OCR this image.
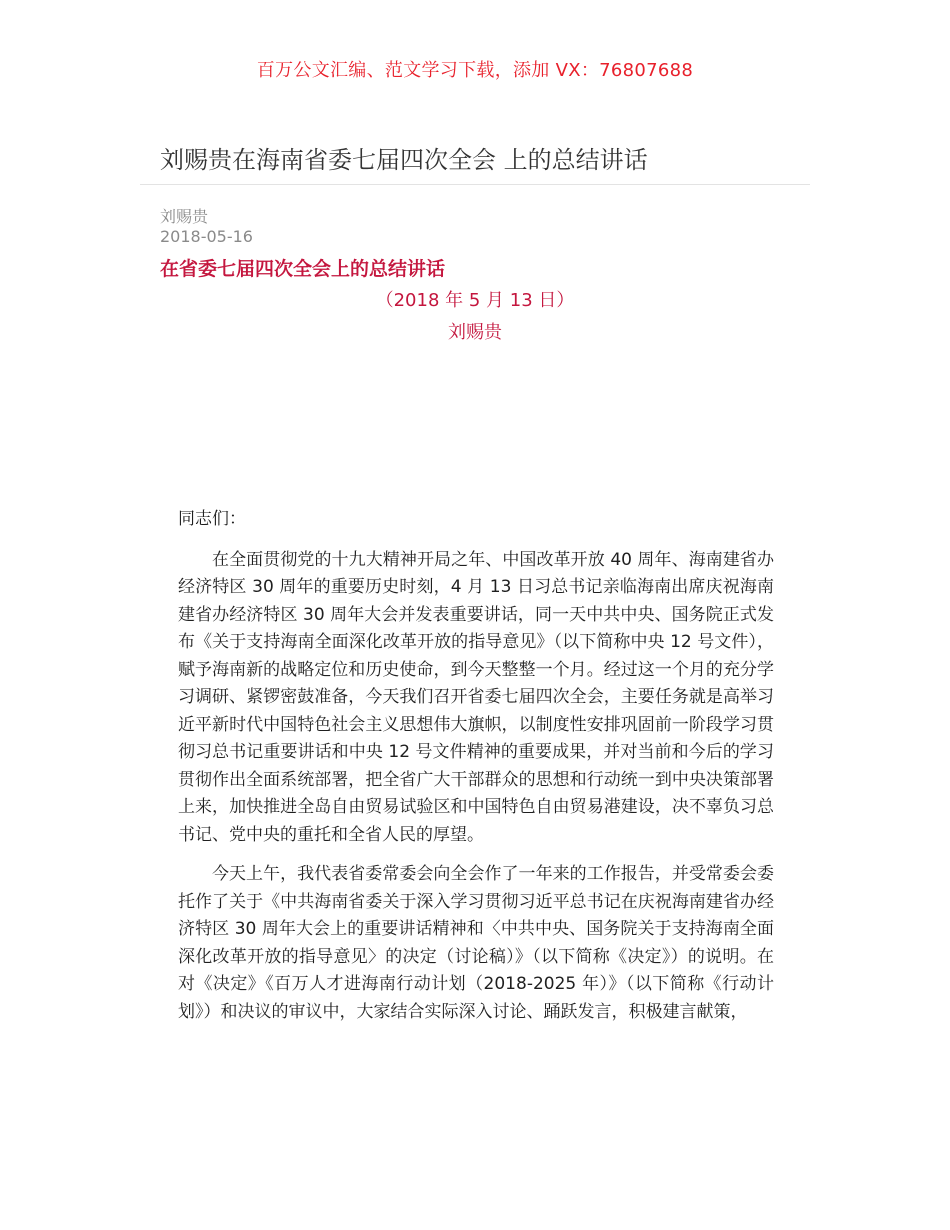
百万公文汇编、范文学习下载，添加 VX：76807688
刘赐贵在海南省委七届四次全会 上的总结讲话
刘赐贵
2018-05-16
在省委七届四次全会上的总结讲话
（2018 年 5 月 13 日）
刘赐贵

同志们：

在全面贯彻党的十九大精神开局之年、中国改革开放 40 周年、海南建省办经济特区 30 周年的重要历史时刻，4 月 13 日习总书记亲临海南出席庆祝海南建省办经济特区 30 周年大会并发表重要讲话，同一天中共中央、国务院正式发布《关于支持海南全面深化改革开放的指导意见》（以下简称中央 12 号文件），赋予海南新的战略定位和历史使命，到今天整整一个月。经过这一个月的充分学习调研、紧锣密鼓准备，今天我们召开省委七届四次全会，主要任务就是高举习近平新时代中国特色社会主义思想伟大旗帜，以制度性安排巩固前一阶段学习贯彻习总书记重要讲话和中央 12 号文件精神的重要成果，并对当前和今后的学习贯彻作出全面系统部署，把全省广大干部群众的思想和行动统一到中央决策部署上来，加快推进全岛自由贸易试验区和中国特色自由贸易港建设，决不辜负习总书记、党中央的重托和全省人民的厚望。

今天上午，我代表省委常委会向全会作了一年来的工作报告，并受常委会委托作了关于《中共海南省委关于深入学习贯彻习近平总书记在庆祝海南建省办经济特区 30 周年大会上的重要讲话精神和〈中共中央、国务院关于支持海南全面深化改革开放的指导意见〉的决定（讨论稿）》（以下简称《决定》）的说明。在对《决定》《百万人才进海南行动计划（2018-2025 年）》（以下简称《行动计划》）和决议的审议中，大家结合实际深入讨论、踊跃发言，积极建言献策，
